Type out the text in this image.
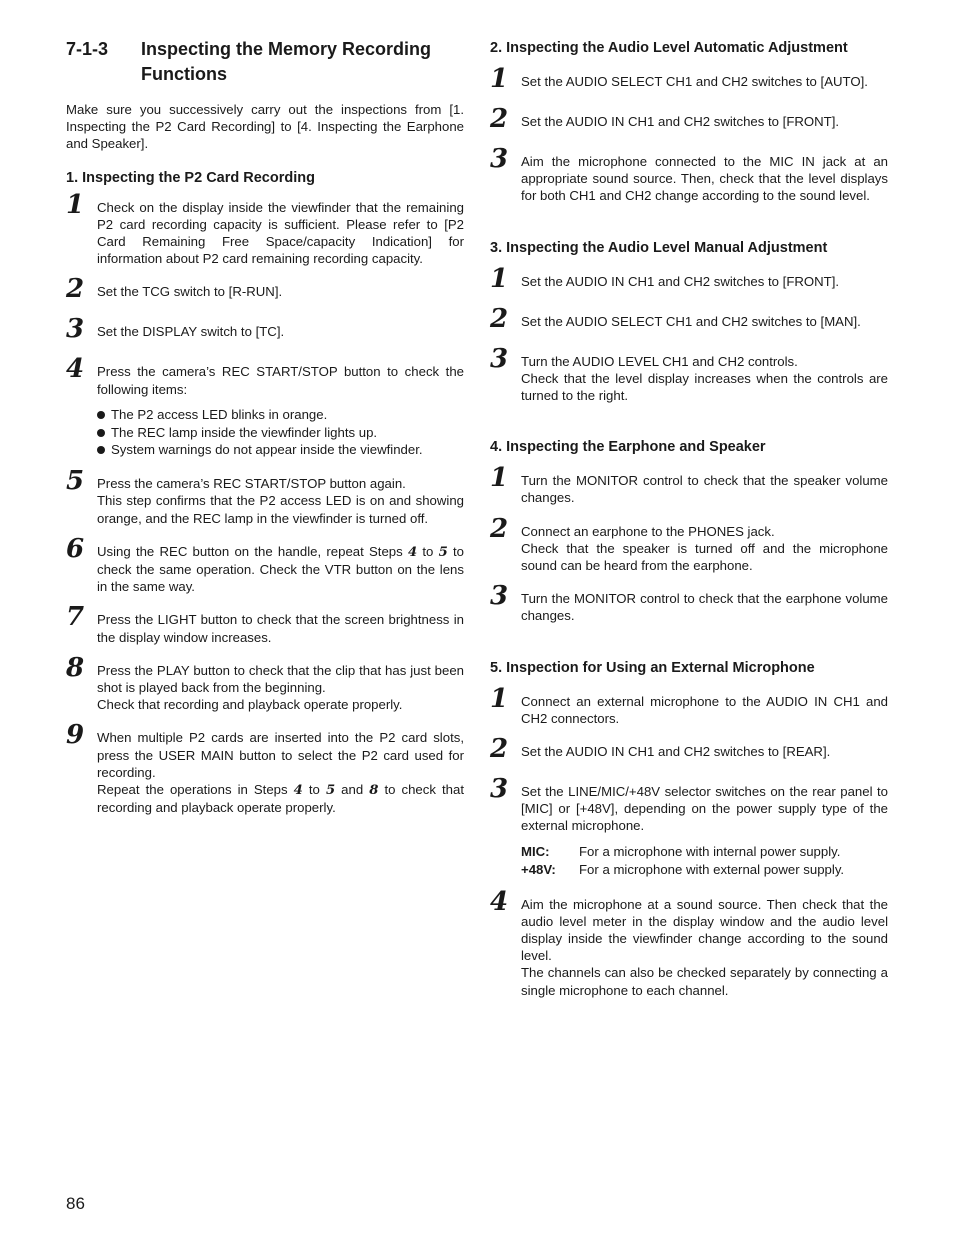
7-1-3	Inspecting the Memory Recording Functions

Make sure you successively carry out the inspections from [1. Inspecting the P2 Card Recording] to [4. Inspecting the Earphone and Speaker].

1. Inspecting the P2 Card Recording
1 Check on the display inside the viewfinder that the remaining P2 card recording capacity is sufficient. Please refer to [P2 Card Remaining Free Space/capacity Indication] for information about P2 card remaining recording capacity.
2 Set the TCG switch to [R-RUN].
3 Set the DISPLAY switch to [TC].
4 Press the camera’s REC START/STOP button to check the following items:
The P2 access LED blinks in orange.
The REC lamp inside the viewfinder lights up.
System warnings do not appear inside the viewfinder.
5 Press the camera’s REC START/STOP button again.
This step confirms that the P2 access LED is on and showing orange, and the REC lamp in the viewfinder is turned off.
6 Using the REC button on the handle, repeat Steps 4 to 5 to check the same operation. Check the VTR button on the lens in the same way.
7 Press the LIGHT button to check that the screen brightness in the display window increases.
8 Press the PLAY button to check that the clip that has just been shot is played back from the beginning.
Check that recording and playback operate properly.
9 When multiple P2 cards are inserted into the P2 card slots, press the USER MAIN button to select the P2 card used for recording.
Repeat the operations in Steps 4 to 5 and 8 to check that recording and playback operate properly.
2. Inspecting the Audio Level Automatic Adjustment
1 Set the AUDIO SELECT CH1 and CH2 switches to [AUTO].
2 Set the AUDIO IN CH1 and CH2 switches to [FRONT].
3 Aim the microphone connected to the MIC IN jack at an appropriate sound source. Then, check that the level displays for both CH1 and CH2 change according to the sound level.
3. Inspecting the Audio Level Manual Adjustment
1 Set the AUDIO IN CH1 and CH2 switches to [FRONT].
2 Set the AUDIO SELECT CH1 and CH2 switches to [MAN].
3 Turn the AUDIO LEVEL CH1 and CH2 controls.
Check that the level display increases when the controls are turned to the right.
4. Inspecting the Earphone and Speaker
1 Turn the MONITOR control to check that the speaker volume changes.
2 Connect an earphone to the PHONES jack.
Check that the speaker is turned off and the microphone sound can be heard from the earphone.
3 Turn the MONITOR control to check that the earphone volume changes.
5. Inspection for Using an External Microphone
1 Connect an external microphone to the AUDIO IN CH1 and CH2 connectors.
2 Set the AUDIO IN CH1 and CH2 switches to [REAR].
3 Set the LINE/MIC/+48V selector switches on the rear panel to [MIC] or [+48V], depending on the power supply type of the external microphone.
MIC:	For a microphone with internal power supply.
+48V:	For a microphone with external power supply.
4 Aim the microphone at a sound source. Then check that the audio level meter in the display window and the audio level display inside the viewfinder change according to the sound level.
The channels can also be checked separately by connecting a single microphone to each channel.
86
